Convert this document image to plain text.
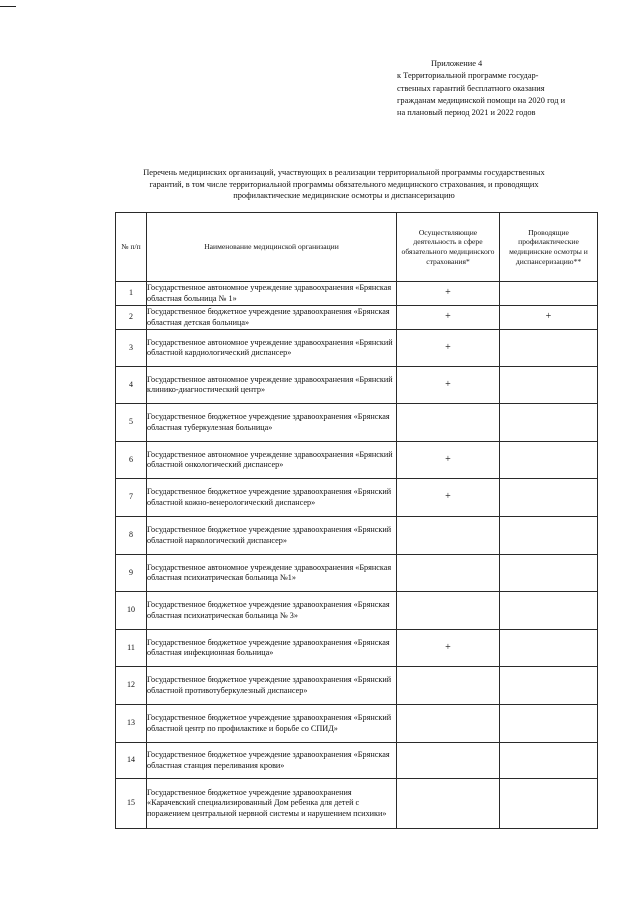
Приложение 4
к Территориальной программе государ-
ственных гарантий бесплатного оказания
гражданам медицинской помощи на 2020 год и
на плановый период 2021 и 2022 годов
Перечень медицинских организаций, участвующих в реализации территориальной программы государственных
гарантий, в том числе территориальной программы обязательного медицинского страхования, и проводящих
профилактические медицинские осмотры и диспансеризацию
№ п/п	Наименование медицинской организации	Осуществляющие деятельность в сфере обязательного медицинского страхования*	Проводящие профилактические медицинские осмотры и диспансеризацию**
1	Государственное автономное учреждение здравоохранения «Брянская областная больница № 1»	+	
2	Государственное бюджетное учреждение здравоохранения «Брянская областная детская больница»	+	+
3	Государственное автономное учреждение здравоохранения «Брянский областной кардиологический диспансер»	+	
4	Государственное автономное учреждение здравоохранения «Брянский клинико-диагностический центр»	+	
5	Государственное бюджетное учреждение здравоохранения «Брянская областная туберкулезная больница»		
6	Государственное автономное учреждение здравоохранения «Брянский областной онкологический диспансер»	+	
7	Государственное бюджетное учреждение здравоохранения «Брянский областной кожно-венерологический диспансер»	+	
8	Государственное бюджетное учреждение здравоохранения «Брянский областной наркологический диспансер»		
9	Государственное автономное учреждение здравоохранения «Брянская областная психиатрическая больница №1»		
10	Государственное бюджетное учреждение здравоохранения «Брянская областная психиатрическая больница № 3»		
11	Государственное бюджетное учреждение здравоохранения «Брянская областная инфекционная больница»	+	
12	Государственное бюджетное учреждение здравоохранения «Брянский областной противотуберкулезный диспансер»		
13	Государственное бюджетное учреждение здравоохранения «Брянский областной центр по профилактике и борьбе со СПИД»		
14	Государственное бюджетное учреждение здравоохранения «Брянская областная станция переливания крови»		
15	Государственное бюджетное учреждение здравоохранения «Карачевский специализированный Дом ребенка для детей с поражением центральной нервной системы и нарушением психики»		
